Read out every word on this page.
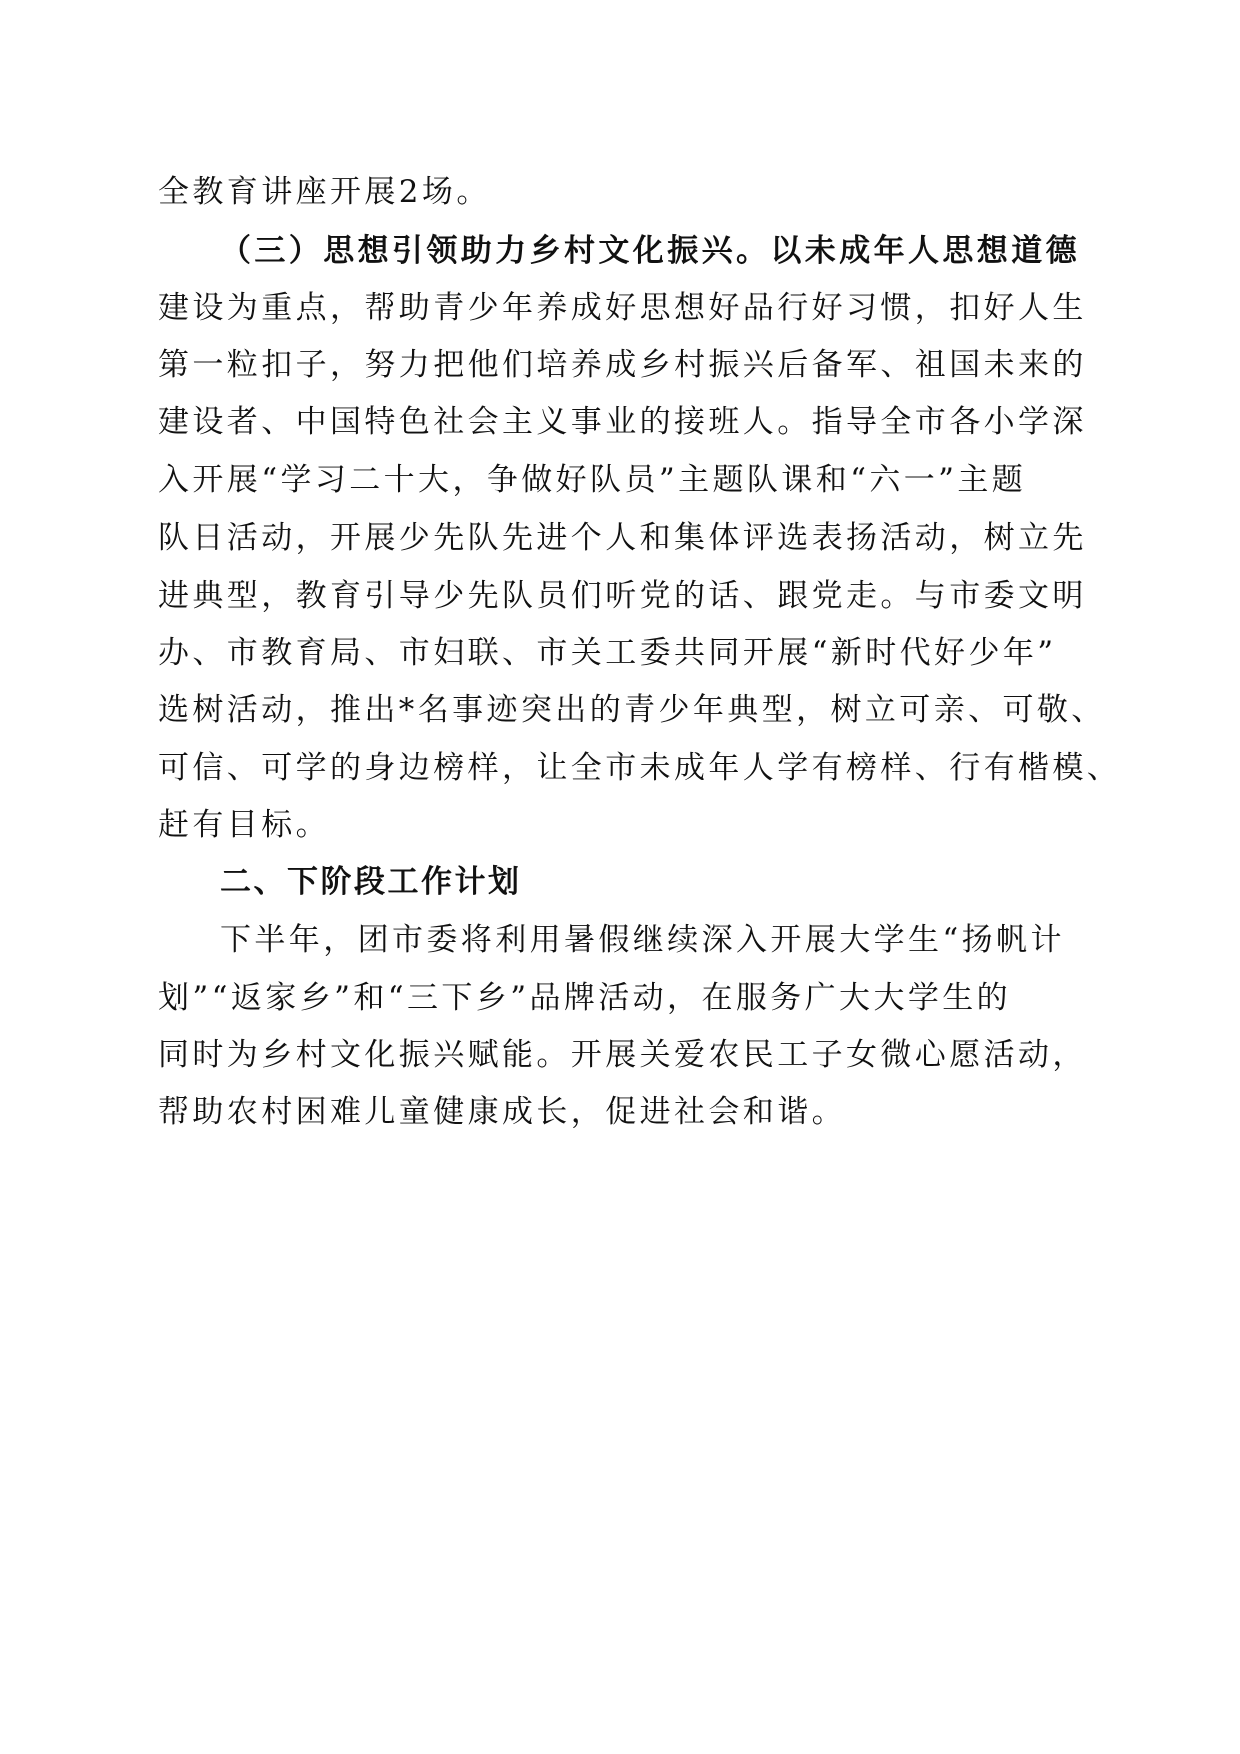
全教育讲座开展2场。
（三）思想引领助力乡村文化振兴。以未成年人思想道德
建设为重点，帮助青少年养成好思想好品行好习惯，扣好人生
第一粒扣子，努力把他们培养成乡村振兴后备军、祖国未来的
建设者、中国特色社会主义事业的接班人。指导全市各小学深
入开展“学习二十大，争做好队员”主题队课和“六一”主题
队日活动，开展少先队先进个人和集体评选表扬活动，树立先
进典型，教育引导少先队员们听党的话、跟党走。与市委文明
办、市教育局、市妇联、市关工委共同开展“新时代好少年”
选树活动，推出*名事迹突出的青少年典型，树立可亲、可敬、
可信、可学的身边榜样，让全市未成年人学有榜样、行有楷模、
赶有目标。
二、下阶段工作计划
下半年，团市委将利用暑假继续深入开展大学生“扬帆计
划”“返家乡”和“三下乡”品牌活动，在服务广大大学生的
同时为乡村文化振兴赋能。开展关爱农民工子女微心愿活动，
帮助农村困难儿童健康成长，促进社会和谐。
